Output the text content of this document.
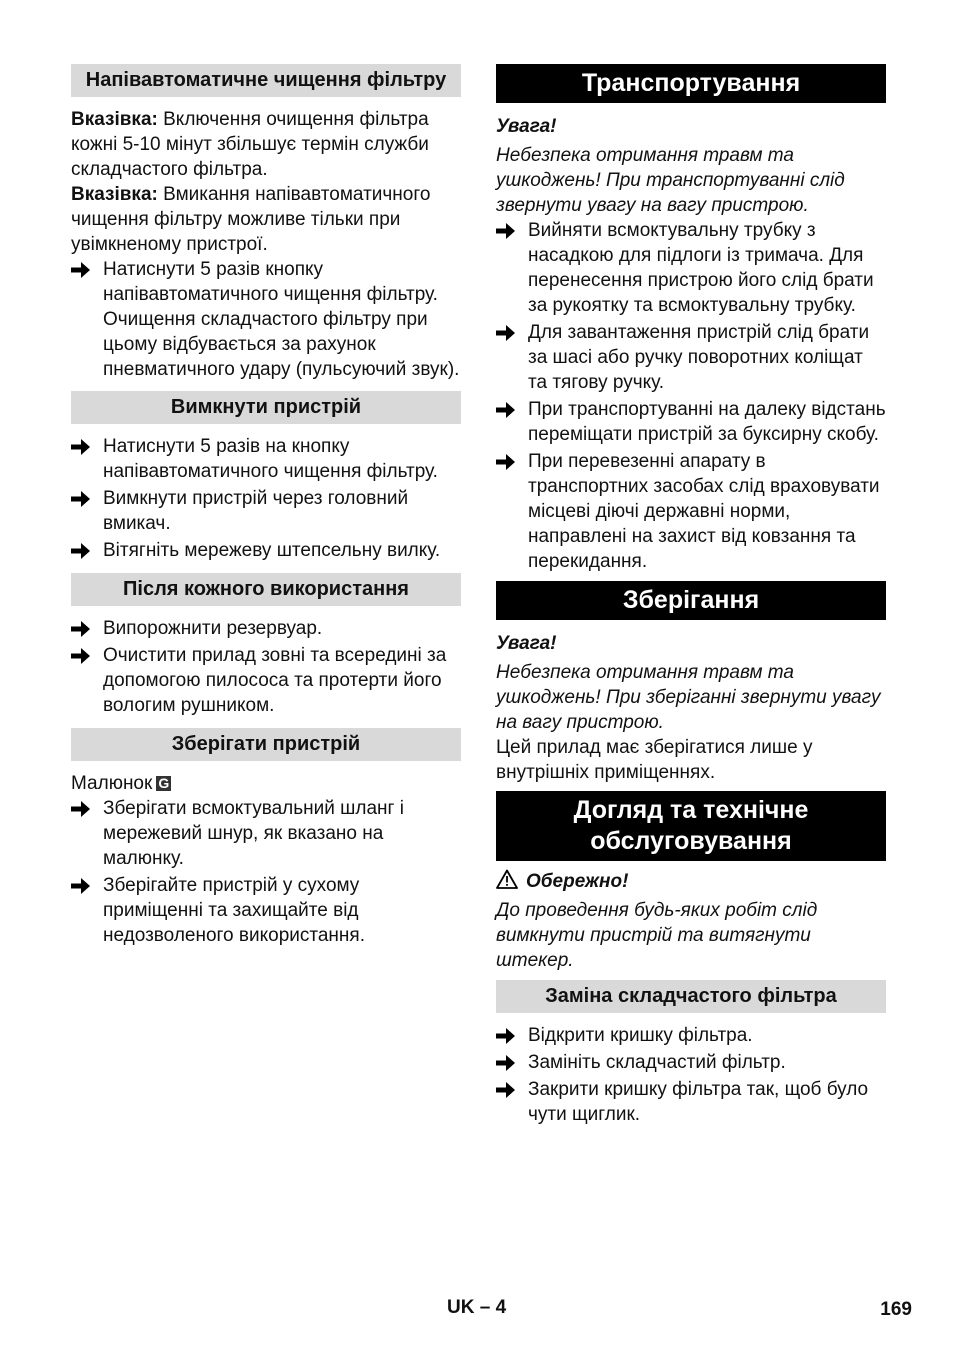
Напівавтоматичне чищення фільтру

Вказівка: Включення очищення фільтра кожні 5-10 мінут збільшує термін служби складчастого фільтра.

Вказівка: Вмикання напівавтоматичного чищення фільтру можливе тільки при увімкненому пристрої.

Натиснути 5 разів кнопку напівавтоматичного чищення фільтру. Очищення складчастого фільтру при цьому відбувається за рахунок пневматичного удару (пульсуючий звук).
Вимкнути пристрій
Натиснути 5 разів на кнопку напівавтоматичного чищення фільтру.
Вимкнути пристрій через головний вмикач.
Вітягніть мережеву штепсельну вилку.
Після кожного використання
Випорожнити резервуар.
Очистити прилад зовні та всередині за допомогою пилососа та протерти його вологим рушником.
Зберігати пристрій

Малюнок G

Зберігати всмоктувальний шланг і мережевий шнур, як вказано на малюнку.
Зберігайте пристрій у сухому приміщенні та захищайте від недозволеного використання.
Транспортування

Увага!

Небезпека отримання травм та ушкоджень! При транспортуванні слід звернути увагу на вагу пристрою.

Вийняти всмоктувальну трубку з насадкою для підлоги із тримача. Для перенесення пристрою його слід брати за рукоятку та всмоктувальну трубку.
Для завантаження пристрій слід брати за шасі або ручку поворотних коліщат та тягову ручку.
При транспортуванні на далеку відстань переміщати пристрій за буксирну скобу.
При перевезенні апарату в транспортних засобах слід враховувати місцеві діючі державні норми, направлені на захист від ковзання та перекидання.
Зберігання

Увага!

Небезпека отримання травм та ушкоджень! При зберіганні звернути увагу на вагу пристрою.

Цей прилад має зберігатися лише у внутрішніх приміщеннях.

Догляд та технічне обслуговування

Обережно!

До проведення будь-яких робіт слід вимкнути пристрій та витягнути штекер.

Заміна складчастого фільтра
Відкрити кришку фільтра.
Замініть складчастий фільтр.
Закрити кришку фільтра так, щоб було чути щиглик.
UK – 4	169
